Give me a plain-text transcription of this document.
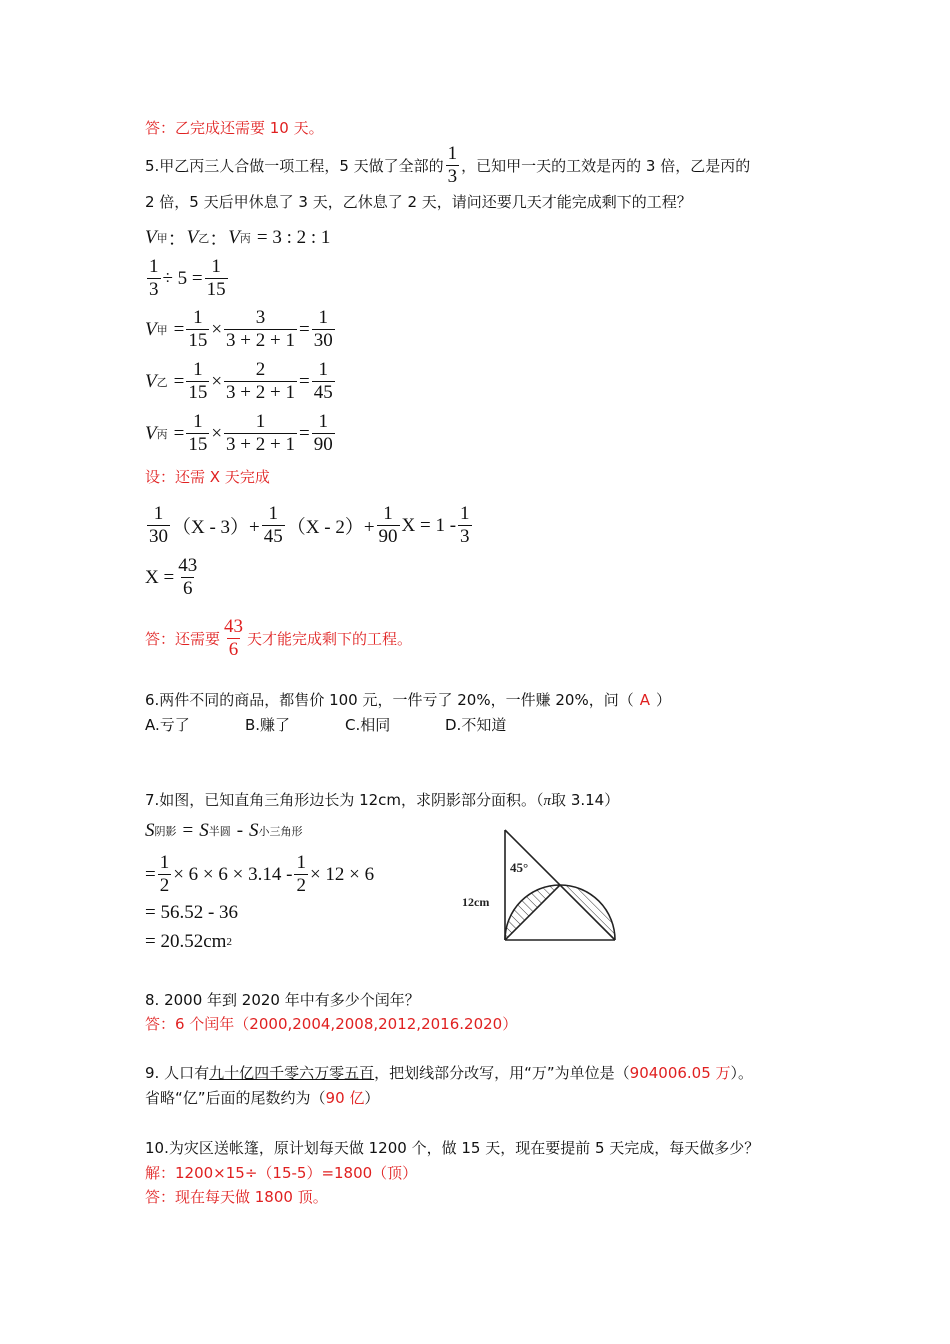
答：乙完成还需要 10 天。
5.甲乙丙三人合做一项工程，5 天做了全部的 $\frac{1}{3}$ ，已知甲一天的工效是丙的 3 倍，乙是丙的
2 倍，5 天后甲休息了 3 天，乙休息了 2 天，请问还要几天才能完成剩下的工程？
V 甲 ： V 乙 ： V 丙 = 3 : 2 : 1
$\frac{1}{3} \div 5 = \frac{1}{15}$
V 甲 = $\frac{1}{15} \times \frac{3}{3 + 2 + 1} = \frac{1}{30}$
V 乙 = $\frac{1}{15} \times \frac{2}{3 + 2 + 1} = \frac{1}{45}$
V 丙 = $\frac{1}{15} \times \frac{1}{3 + 2 + 1} = \frac{1}{90}$
设：还需 X 天完成
$\frac{1}{30} (X - 3)+ \frac{1}{45} (X - 2)+ \frac{1}{90}$ $X = 1 - \frac{1}{3}$
$X = \frac{43}{6}$
答：还需要 $\frac{43}{6}$ 天才能完成剩下的工程。
6.两件不同的商品，都售价 100 元，一件亏了 20%，一件赚 20%，问（ A ）
A.亏了	B.赚了	C.相同	D.不知道
7.如图，已知直角三角形边长为 12cm，求阴影部分面积。（π取 3.14）
S 阴影 = S 半圆 - S 小三角形
= $\frac{1}{2} \times 6 \times 6 \times 3.14 - \frac{1}{2} \times 12 \times 6$
= 56.52 - 36
= 20.52cm 2
45°
12cm
8. 2000 年到 2020 年中有多少个闰年？
答：6 个闰年（2000,2004,2008,2012,2016.2020）
9. 人口有九十亿四千零六万零五百，把划线部分改写，用“万”为单位是（904006.05 万）。
省略“亿”后面的尾数约为（90 亿）
10.为灾区送帐篷，原计划每天做 1200 个，做 15 天，现在要提前 5 天完成，每天做多少？
解：1200×15÷（15-5）=1800（顶）
答：现在每天做 1800 顶。
